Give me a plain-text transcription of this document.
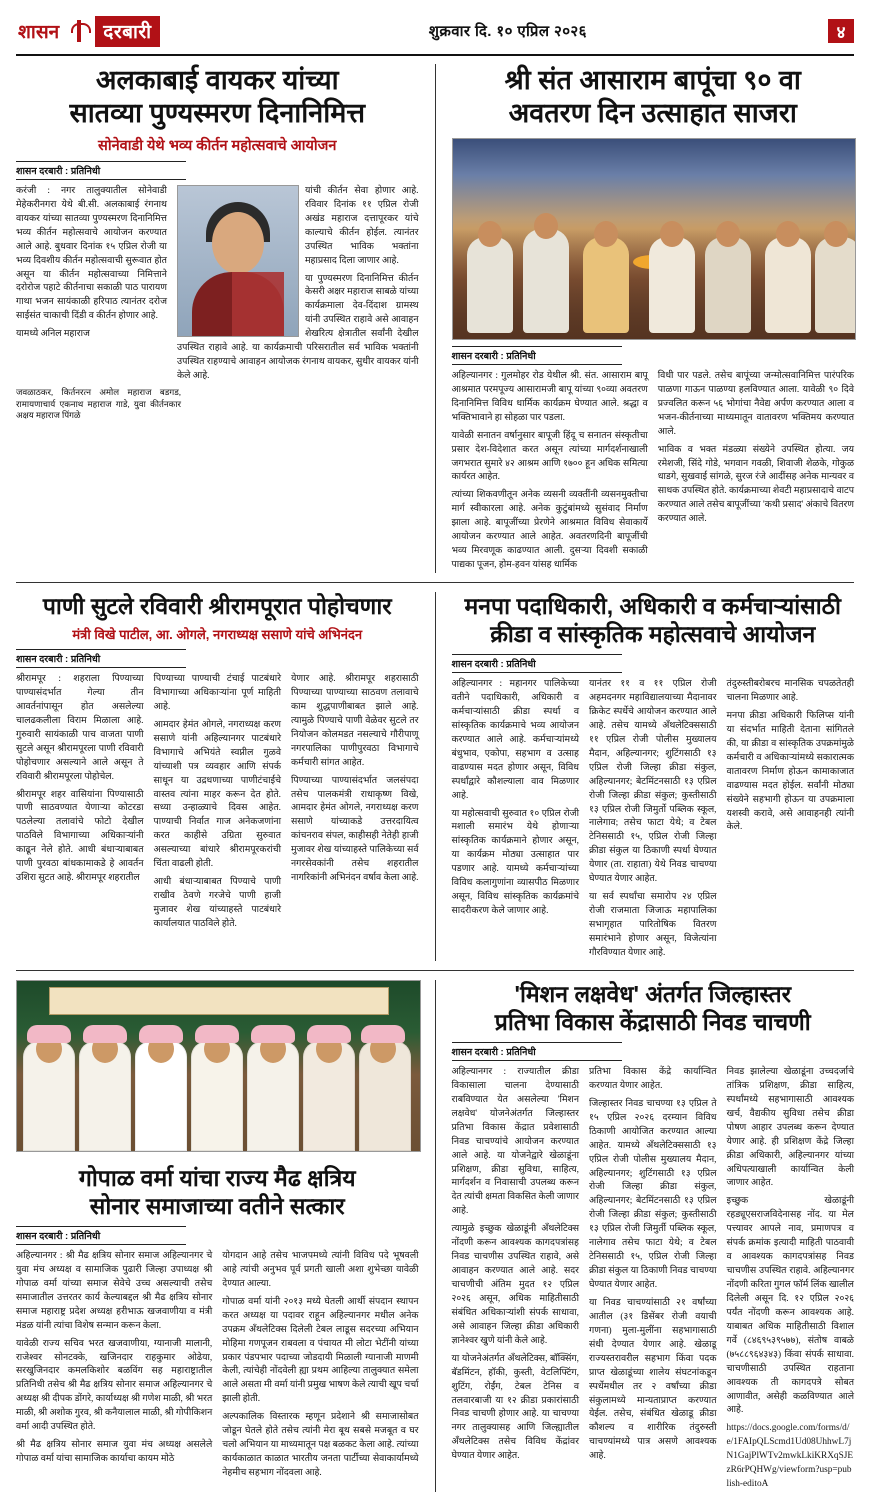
शासन	दरबारी	शुक्रवार दि. १० एप्रिल २०२६	४
अलकाबाई वायकर यांच्या
सातव्या पुण्यस्मरण दिनानिमित्त
सोनेवाडी येथे भव्य कीर्तन महोत्सवाचे आयोजन
शासन दरबारी : प्रतिनिधी
करंजी : नगर तालुक्यातील सोनेवाडी मेहेकरीनगरा येथे बी.सी. अलकाबाई रंगनाथ वायकर यांच्या सातव्या पुण्यस्मरण दिनानिमित्त भव्य कीर्तन महोत्सवाचे आयोजन करण्यात आले आहे. बुधवार दिनांक १५ एप्रिल रोजी या भव्य दिवशीय कीर्तन महोत्सवाची सुरूवात होत असून या कीर्तन महोत्सवाच्या निमित्ताने दरोरोज पहाटे कीर्तनाचा सकाळी पाठ पारायण गाथा भजन सायंकाळी हरिपाठ त्यानंतर दरोज साईसंत चाकाची दिंडी व कीर्तन होणार आहे.
यामध्ये अनिल महाराज
यांची कीर्तन सेवा होणार आहे. रविवार दिनांक ११ एप्रिल रोजी अखंड महाराज दत्तापूरकर यांचे काल्याचे कीर्तन होईल. त्यानंतर उपस्थित भाविक भक्तांना महाप्रसाद दिला जाणार आहे.
या पुण्यस्मरण दिनानिमित्त कीर्तन केसरी अक्षर महाराज साबळे यांच्या कार्यक्रमाला देव-दिंदाश ग्रामस्थ यांनी उपस्थित राहावे असे आवाहन शेखरित्य क्षेत्रातील सर्वांनी देखील उपस्थित राहावे आहे. या कार्यक्रमाची परिसरातील सर्व भाविक भक्तांनी उपस्थित राहण्याचे आवाहन आयोजक रंगनाथ वायकर, सुधीर वायकर यांनी केले आहे.
जवळाठकर, किर्तनरत्न अमोल महाराज बडगड, रामायणाचार्य एकनाथ महाराज गाडे, युवा कीर्तनकार अक्षय महाराज पिंगळे
श्री संत आसाराम बापूंचा ९० वा
अवतरण दिन उत्साहात साजरा
शासन दरबारी : प्रतिनिधी
अहिल्यानगर : गुलमोहर रोड येथील श्री. संत. आसाराम बापू आश्रमात परमपूज्य आसारामजी बापू यांच्या ९०व्या अवतरण दिनानिमित्त विविध धार्मिक कार्यक्रम घेण्यात आले. श्रद्धा व भक्तिभावाने हा सोहळा पार पडला.
यावेळी सनातन वर्षानुसार बापूजी हिंदू च सनातन संस्कृतीचा प्रसार देश-विदेशात करत असून त्यांच्या मार्गदर्शनाखाली जगभरात सुमारे ४२ आश्रम आणि १७०० हून अधिक समित्या कार्यरत आहेत.
त्यांच्या शिकवणीतून अनेक व्यसनी व्यक्तींनी व्यसनमुक्तीचा मार्ग स्वीकारला आहे. अनेक कुटुंबांमध्ये सुसंवाद निर्माण झाला आहे. बापूजींच्या प्रेरणेने आश्रमात विविध सेवाकार्ये आयोजन करण्यात आले आहेत. अवतरणदिनी बापूजींची भव्य मिरवणूक काढण्यात आली. दुसऱ्या दिवशी सकाळी पाद्यका पूजन, होम-हवन यांसह धार्मिक
विधी पार पडले. तसेच बापूंच्या जन्मोत्सवानिमित्त पारंपरिक पाळणा गाऊन पाळण्या हलविण्यात आला. यावेळी ९० दिवे प्रज्वलित करून ५६ भोगांचा नैवेद्य अर्पण करण्यात आला व भजन-कीर्तनाच्या माध्यमातून वातावरण भक्तिमय करण्यात आले.
भाविक व भक्त मंडळ्या संख्येने उपस्थित होत्या. जय रमेशजी, सिंदे गोडे, भगवान गवळी, शिवाजी शेळके, गोकुळ धाडगे, सुखवाई सांगळे, सुरज रंजे आदींसह अनेक मान्यवर व साधक उपस्थित होते. कार्यक्रमाच्या शेवटी महाप्रसादाचे वाटप करण्यात आले तसेच बापूजींच्या 'कथी प्रसाद' अंकाचे वितरण करण्यात आले.
पाणी सुटले रविवारी श्रीरामपूरात पोहोचणार
मंत्री विखे पाटील, आ. ओगले, नगराध्यक्ष ससाणे यांचे अभिनंदन
शासन दरबारी : प्रतिनिधी
श्रीरामपूर : शहराला पिण्याच्या पाण्यासंदर्भात गेल्या तीन आवर्तनांपासून होत असलेल्या चालढकलीला विराम मिळाला आहे. गुरुवारी सायंकाळी पाच वाजता पाणी सुटले असून श्रीरामपूरला पाणी रविवारी पोहोचणार असल्याने आले असून ते रविवारी श्रीरामपूरला पोहोचेल.
श्रीरामपूर शहर वासियांना पिण्यासाठी पाणी साठवण्यात येणाऱ्या कोटरडा पठलेल्या तलावांचे फोटो देखील पाठविले विभागाच्या अधिकाऱ्यांनी काढून नेले होते. आधी बंधाऱ्याबाबत पाणी पुरवठा बांधकामाकडे हे आवर्तन उशिरा सुटत आहे. श्रीरामपूर शहरातील
पिण्याच्या पाण्याची टंचाई पाटबंधारे विभागाच्या अधिकाऱ्यांना पूर्ण माहिती आहे.
आमदार हेमंत ओगले, नगराध्यक्ष करण ससाणे यांनी अहिल्यानगर पाटबंधारे विभागाचे अभियंते स्वप्नील गुळवे यांच्याशी पत्र व्यवहार आणि संपर्क साधून या उद्रधणाच्या पाणीटंचाईचे वास्तव त्यांना माहर करून देत होते. सध्या उन्हाळ्याचे दिवस आहेत. पाण्याची निर्वात गाज अनेकजणांना करत काहीसे उग्रिता सुरुवात असल्याच्या बांधारे श्रीरामपूरकरांची चिंता वाढली होती.
आधी बंधाऱ्याबाबत पिण्याचे पाणी राखीव ठेवणे गरजेचे पाणी हाजी मुजावर शेख यांच्याहस्ते पाटबंधारे कार्यालयात पाठविले होते.
येणार आहे. श्रीरामपूर शहरासाठी पिण्याच्या पाण्याच्या साठवण तलावाचे काम शुद्धपाणीबाबत झाले आहे. त्यामुळे पिण्याचे पाणी वेळेवर सुटले तर नियोजन कोलमडत नसल्याचे गौरीपाणू नगरपालिका पाणीपुरवठा विभागाचे कर्मचारी सांगत आहेत.
पिण्याच्या पाण्यासंदर्भात जलसंपदा तसेच पालकमंत्री राधाकृष्ण विखे, आमदार हेमंत ओगले, नगराध्यक्ष करण ससाणे यांच्याकडे उत्तरदायित्व कांचनराव संपल, काहीसही नेतेही हाजी मुजावर शेख यांच्याहस्ते पालिकेच्या सर्व नगरसेवकांनी तसेच शहरातील नागरिकांनी अभिनंदन वर्षाव केला आहे.
मनपा पदाधिकारी, अधिकारी व कर्मचाऱ्यांसाठी
क्रीडा व सांस्कृतिक महोत्सवाचे आयोजन
शासन दरबारी : प्रतिनिधी
अहिल्यानगर : महानगर पालिकेच्या वतीने पदाधिकारी, अधिकारी व कर्मचाऱ्यांसाठी क्रीडा स्पर्धा व सांस्कृतिक कार्यक्रमाचे भव्य आयोजन करण्यात आले आहे. कर्मचाऱ्यांमध्ये बंधुभाव, एकोपा, सहभाग व उत्साह वाढण्यास मदत होणार असून, विविध स्पर्धांद्वारे कौशल्याला वाव मिळणार आहे.
या महोत्सवाची सुरुवात १० एप्रिल रोजी मशाली समारंभ येथे होणाऱ्या सांस्कृतिक कार्यक्रमाने होणार असून, या कार्यक्रम मोठ्या उत्साहात पार पडणार आहे. यामध्ये कर्मचाऱ्यांच्या विविध कलागुणांना व्यासपीठ मिळणार असून, विविध सांस्कृतिक कार्यक्रमांचे सादरीकरण केले जाणार आहे.
यानंतर ११ व ११ एप्रिल रोजी अहमदनगर महाविद्यालयाच्या मैदानावर क्रिकेट स्पर्धेचे आयोजन करण्यात आले आहे. तसेच यामध्ये अँथलेटिक्ससाठी ११ एप्रिल रोजी पोलीस मुख्यालय मैदान, अहिल्यानगर; शुटिंगसाठी १३ एप्रिल रोजी जिल्हा क्रीडा संकुल, अहिल्यानगर; बेटमिंटनसाठी १३ एप्रिल रोजी जिल्हा क्रीडा संकुल; कुस्तीसाठी १३ एप्रिल रोजी जिमुर्तो पब्लिक स्कूल, नालेगाव; तसेच फाटा येथे; व टेबल टेनिससाठी १५, एप्रिल रोजी जिल्हा क्रीडा संकुल या ठिकाणी स्पर्धा घेण्यात येणार (ता. राहाता) येथे निवड चाचण्या घेण्यात येणार आहेत.
या सर्व स्पर्धांचा समारोप २४ एप्रिल रोजी राजमाता जिजाऊ महापालिका सभागृहात पारितोषिक वितरण समारंभाने होणार असून, विजेत्यांना गौरविण्यात येणार आहे.
तंदुरुस्तीबरोबरच मानसिक चपळतेतही चालना मिळणार आहे.
मनपा क्रीडा अधिकारी फिलिप्स यांनी या संदर्भात माहिती देताना सांगितले की, या क्रीडा व सांस्कृतिक उपक्रमांमुळे कर्मचारी व अधिकाऱ्यांमध्ये सकारात्मक वातावरण निर्माण होऊन कामाकाजात वाढण्यास मदत होईल. सर्वांनी मोठ्या संख्येने सहभागी होऊन या उपक्रमाला यशस्वी करावे, असे आवाहनही त्यांनी केले.

गोपाळ वर्मा यांचा राज्य मैढ क्षत्रिय
सोनार समाजाच्या वतीने सत्कार
शासन दरबारी : प्रतिनिधी
अहिल्यानगर : श्री मैढ क्षत्रिय सोनार समाज अहिल्यानगर चे युवा मंच अध्यक्ष व सामाजिक पुढारी जिल्हा उपाध्यक्ष श्री गोपाळ वर्मा यांच्या समाज सेवेचे उच्च असल्याची तसेच समाजातील उत्तरतर कार्य केल्याबद्दल श्री मैढ क्षत्रिय सोनार समाज महाराष्ट्र प्रदेश अध्यक्ष हरीभाऊ खजवाणीया व मंत्री मंडळ यांनी त्यांचा विशेष सन्मान करून केला.
यावेळी राज्य सचिव भरत खजवाणीया, ग्यानाजी मालानी, राजेश्वर सोनटक्के, खजिनदार राहकुमार ओढेया, सरखुजिनदार कमलकिशोर बळविंग सह महाराष्ट्रातील प्रतिनिधी तसेच श्री मैढ क्षत्रिय सोनार समाज अहिल्यानगर चे अध्यक्ष श्री दीपक डोंगरे, कार्याध्यक्ष श्री गणेश माळी, श्री भरत माळी, श्री अशोक गुरव, श्री कनैयालाल माळी, श्री गोपीकिशन वर्मा आदी उपस्थित होते.
श्री मैढ क्षत्रिय सोनार समाज युवा मंच अध्यक्ष असलेले गोपाळ वर्मा यांचा सामाजिक कार्याचा कायम मोठे
योगदान आहे तसेच भाजपमध्ये त्यांनी विविध पदे भूषवली आहे त्यांची अनुभव पूर्व प्रगती खाली अशा शुभेच्छा यावेळी देण्यात आल्या.
गोपाळ वर्मा यांनी २०१३ मध्ये घेतली आर्थी संपदान स्थापन करत अध्यक्ष या पदावर राहून अहिल्यानगर मधील अनेक उपक्रम अँथलेटिक्स दिलेली टेबल लाडूस सदरच्या अभियान मोहिमा गणपूजन राबवला व पंचायत मी लोटा भेटींनी यांच्या प्रकार पंडपभार पदाच्या जोडदायी मिळाली ग्यानाजी माणमी केली, त्यांचेही नोंदवेली ह्या प्रथम आहिल्या तालुक्यात समेला आले असता मी वर्मा यांनी प्रमुख भाषण केले त्याची खूप चर्चा झाली होती.
अल्पकालिक विस्तारक म्हणून प्रदेशाने श्री समाजासोबत जोडून घेतले होते तसेच त्यांनी मेरा बूथ सबसे मजबूत व घर चलो अभियान या माध्यमातून पक्ष बळकट केला आहे. त्यांच्या कार्यकाळात काळात भारतीय जनता पार्टीच्या सेवाकार्यामध्ये नेहमीच सहभाग नोंदवला आहे.
'मिशन लक्षवेध' अंतर्गत जिल्हास्तर
प्रतिभा विकास केंद्रासाठी निवड चाचणी
शासन दरबारी : प्रतिनिधी
अहिल्यानगर : राज्यातील क्रीडा विकासाला चालना देण्यासाठी राबविण्यात येत असलेल्या 'मिशन लक्षवेध' योजनेअंतर्गत जिल्हास्तर प्रतिभा विकास केंद्रात प्रवेशासाठी निवड चाचण्यांचे आयोजन करण्यात आले आहे. या योजनेद्वारे खेळाडूंना प्रशिक्षण, क्रीडा सुविधा, साहित्य, मार्गदर्शन व निवासाची उपलब्ध करून देत त्यांची क्षमता विकसित केली जाणार आहे.
त्यामुळे इच्छुक खेळाडूंनी अँथलेटिक्स नोंदणी करून आवश्यक कागदपत्रांसह निवड चाचणीस उपस्थित राहावे, असे आवाहन करण्यात आले आहे. सदर चाचणीची अंतिम मुदत १२ एप्रिल २०२६ असून, अधिक माहितीसाठी संबंधित अधिकाऱ्यांशी संपर्क साधावा, असे आवाहन जिल्हा क्रीडा अधिकारी ज्ञानेश्वर खुणे यांनी केले आहे.
या योजनेअंतर्गत अँथलेटिक्स, बॉक्सिंग, बॅडमिंटन, हॉकी, कुस्ती, वेटलिफ्टिंग, शुटिंग, रोईंग, टेबल टेनिस व तलवारबाजी या १२ क्रीडा प्रकारांसाठी निवड चाचणी होणार आहे. या चाचण्या नगर तालुक्यासह आणि जिल्ह्यातील अँथलेटिक्स तसेच विविध केंद्रांवर घेण्यात येणार आहेत.
प्रतिभा विकास केंद्रे कार्यान्वित करण्यात येणार आहेत.
जिल्हास्तर निवड चाचण्या १३ एप्रिल ते १५ एप्रिल २०२६ दरम्यान विविध ठिकाणी आयोजित करण्यात आल्या आहेत. यामध्ये अँथलेटिक्ससाठी १३ एप्रिल रोजी पोलीस मुख्यालय मैदान, अहिल्यानगर; शुटिंगसाठी १३ एप्रिल रोजी जिल्हा क्रीडा संकुल, अहिल्यानगर; बेटमिंटनसाठी १३ एप्रिल रोजी जिल्हा क्रीडा संकुल; कुस्तीसाठी १३ एप्रिल रोजी जिमुर्ती पब्लिक स्कूल, नालेगाव तसेच फाटा येथे; व टेबल टेनिससाठी १५, एप्रिल रोजी जिल्हा क्रीडा संकुल या ठिकाणी निवड चाचण्या घेण्यात येणार आहेत.
या निवड चाचण्यांसाठी २१ वर्षांच्या आतील (३१ डिसेंबर रोजी वयाची गणना) मुला-मुलींना सहभागासाठी संधी देण्यात येणार आहे. खेळाडू राज्यस्तरावरील सहभाग किंवा पदक प्राप्त खेळाडूंच्या शालेय संघटनांकडून स्पर्धेमधील तर २ वर्षांच्या क्रीडा संकुलामध्ये मान्यताप्राप्त करण्यात येईल. तसेच, संबंधित खेळाडू क्रीडा कौशल्य व शारीरिक तंदुरुस्ती चाचण्यांमध्ये पात्र असणे आवश्यक आहे.
निवड झालेल्या खेळाडूंना उच्चदर्जाचे तांत्रिक प्रशिक्षण, क्रीडा साहित्य, स्पर्धांमध्ये सहभागासाठी आवश्यक खर्च, वैद्यकीय सुविधा तसेच क्रीडा पोषण आहार उपलब्ध करून देण्यात येणार आहे. ही प्रशिक्षण केंद्रे जिल्हा क्रीडा अधिकारी, अहिल्यानगर यांच्या अधिपत्याखाली कार्यान्वित केली जाणार आहेत.
इच्छुक खेळाडूंनी रहड्यूएसराजविदेनासह नोंद. या मेल पत्त्यावर आपले नाव, प्रमाणपत्र व संपर्क क्रमांक इत्यादी माहिती पाठवावी व आवश्यक कागदपत्रांसह निवड चाचणीस उपस्थित राहावे. अहिल्यानगर नोंदणी करिता गुगल फॉर्म लिंक खालील दिलेली असून दि. १२ एप्रिल २०२६ पर्यंत नोंदणी करून आवश्यक आहे. याबाबत अधिक माहितीसाठी विशाल गर्वे (८४६९५३९५७७), संतोष वाबळे (७५८८९६४३४३) किंवा संपर्क साधावा. चाचणीसाठी उपस्थित राहताना आवश्यक ती कागदपत्रे सोबत आणावीत, असेही कळविण्यात आले आहे.
https://docs.google.com/forms/d/e/1FAIpQLScmd1Ud08UhhwL7jN1GajPlWTv2mwkLkiKRXqSJEzR6rPQHWg/viewform?usp=publish-editoA
